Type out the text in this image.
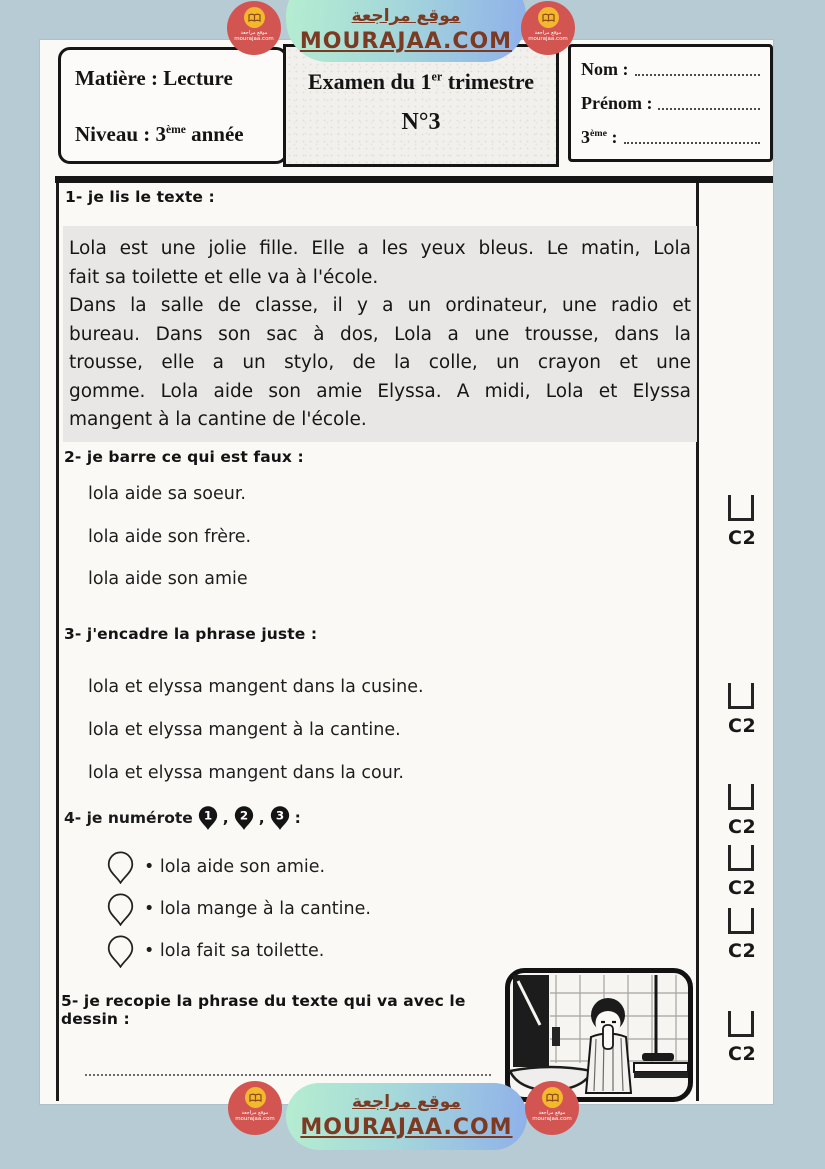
Matière : Lecture
Niveau : 3ème année
Examen du 1er trimestre
N°3
Nom :
Prénom :
3ème :
1- je lis le texte :
Lola est une jolie fille. Elle a les yeux bleus. Le matin, Lola
fait sa toilette et elle va à l'école.
Dans la salle de classe, il y a un ordinateur, une radio et
bureau. Dans son sac à dos, Lola a une trousse, dans la
trousse, elle a un stylo, de la colle, un crayon et une
gomme. Lola aide son amie Elyssa. A midi, Lola et Elyssa
mangent à la cantine de l'école.
2- je barre ce qui est faux :
lola aide sa soeur.
lola aide son frère.
lola aide son amie
3- j'encadre la phrase juste :
lola et elyssa mangent dans la cusine.
lola et elyssa mangent à la cantine.
lola et elyssa mangent dans la cour.
4- je numérote 1 , 2 , 3 :
• lola aide son amie.
• lola mange à la cantine.
• lola fait sa toilette.
5- je recopie la phrase du texte qui va avec le dessin :
C2
C2
C2
C2
C2
C2
موقع مراجعة
MOURAJAA.COM
موقع مراجعة
mourajaa.com
موقع مراجعة
mourajaa.com
موقع مراجعة
MOURAJAA.COM
موقع مراجعة
mourajaa.com
موقع مراجعة
mourajaa.com
